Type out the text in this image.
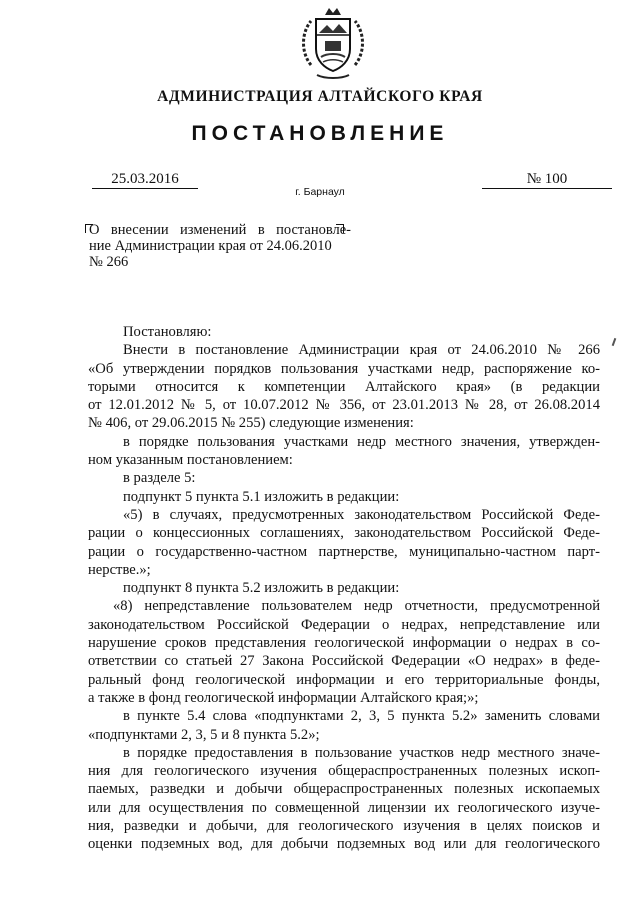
АДМИНИСТРАЦИЯ АЛТАЙСКОГО КРАЯ
ПОСТАНОВЛЕНИЕ
25.03.2016	№ 100
г. Барнаул
О внесении изменений в постановле-
ние Администрации края от 24.06.2010
№ 266
Постановляю:
Внести в постановление Администрации края от 24.06.2010 № 266
«Об утверждении порядков пользования участками недр, распоряжение ко-
торыми относится к компетенции Алтайского края» (в редакции
от 12.01.2012 № 5, от 10.07.2012 № 356, от 23.01.2013 № 28, от 26.08.2014
№ 406, от 29.06.2015 № 255) следующие изменения:
в порядке пользования участками недр местного значения, утвержден-
ном указанным постановлением:
в разделе 5:
подпункт 5 пункта 5.1 изложить в редакции:
«5) в случаях, предусмотренных законодательством Российской Феде-
рации о концессионных соглашениях, законодательством Российской Феде-
рации о государственно-частном партнерстве, муниципально-частном парт-
нерстве.»;
подпункт 8 пункта 5.2 изложить в редакции:
«8) непредставление пользователем недр отчетности, предусмотренной
законодательством Российской Федерации о недрах, непредставление или
нарушение сроков представления геологической информации о недрах в со-
ответствии со статьей 27 Закона Российской Федерации «О недрах» в феде-
ральный фонд геологической информации и его территориальные фонды,
а также в фонд геологической информации Алтайского края;»;
в пункте 5.4 слова «подпунктами 2, 3, 5 пункта 5.2» заменить словами
«подпунктами 2, 3, 5 и 8 пункта 5.2»;
в порядке предоставления в пользование участков недр местного значе-
ния для геологического изучения общераспространенных полезных ископ-
паемых, разведки и добычи общераспространенных полезных ископаемых
или для осуществления по совмещенной лицензии их геологического изуче-
ния, разведки и добычи, для геологического изучения в целях поисков и
оценки подземных вод, для добычи подземных вод или для геологического
